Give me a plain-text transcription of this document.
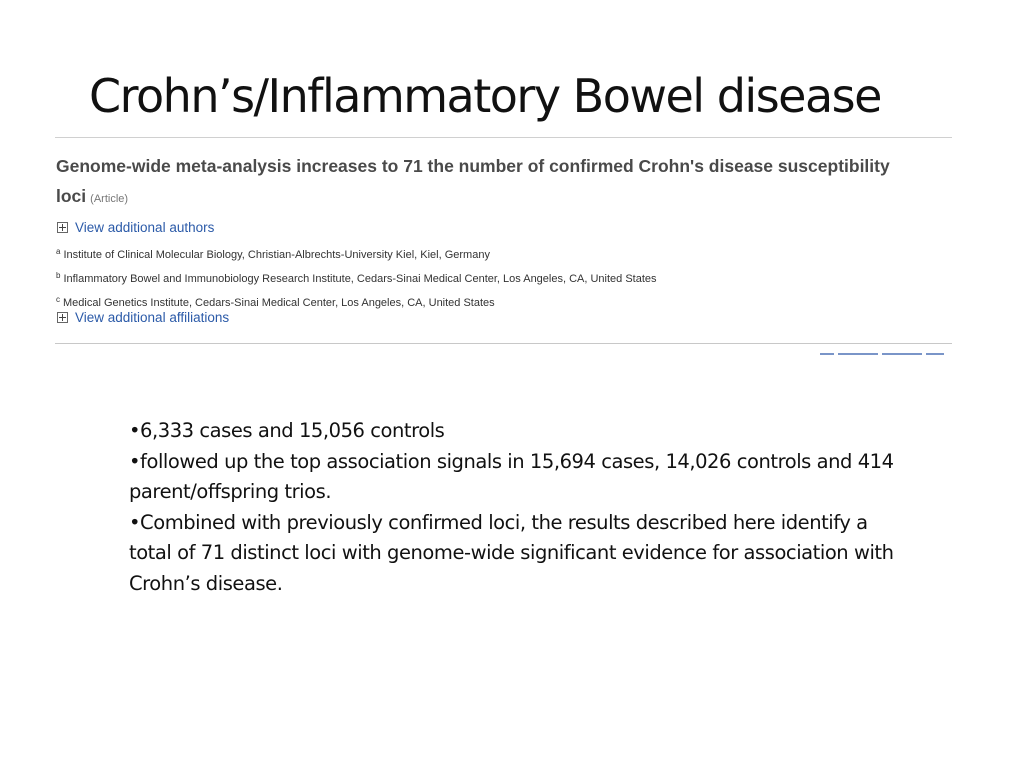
Crohn’s/Inflammatory Bowel disease
Genome-wide meta-analysis increases to 71 the number of confirmed Crohn's disease susceptibility loci (Article)
View additional authors
$^a$ Institute of Clinical Molecular Biology, Christian-Albrechts-University Kiel, Kiel, Germany
$^b$ Inflammatory Bowel and Immunobiology Research Institute, Cedars-Sinai Medical Center, Los Angeles, CA, United States
$^c$ Medical Genetics Institute, Cedars-Sinai Medical Center, Los Angeles, CA, United States
View additional affiliations

•6,333 cases and 15,056 controls

•followed up the top association signals in 15,694 cases, 14,026 controls and 414 parent/offspring trios.

•Combined with previously confirmed loci, the results described here identify a total of 71 distinct loci with genome-wide significant evidence for association with Crohn’s disease.
